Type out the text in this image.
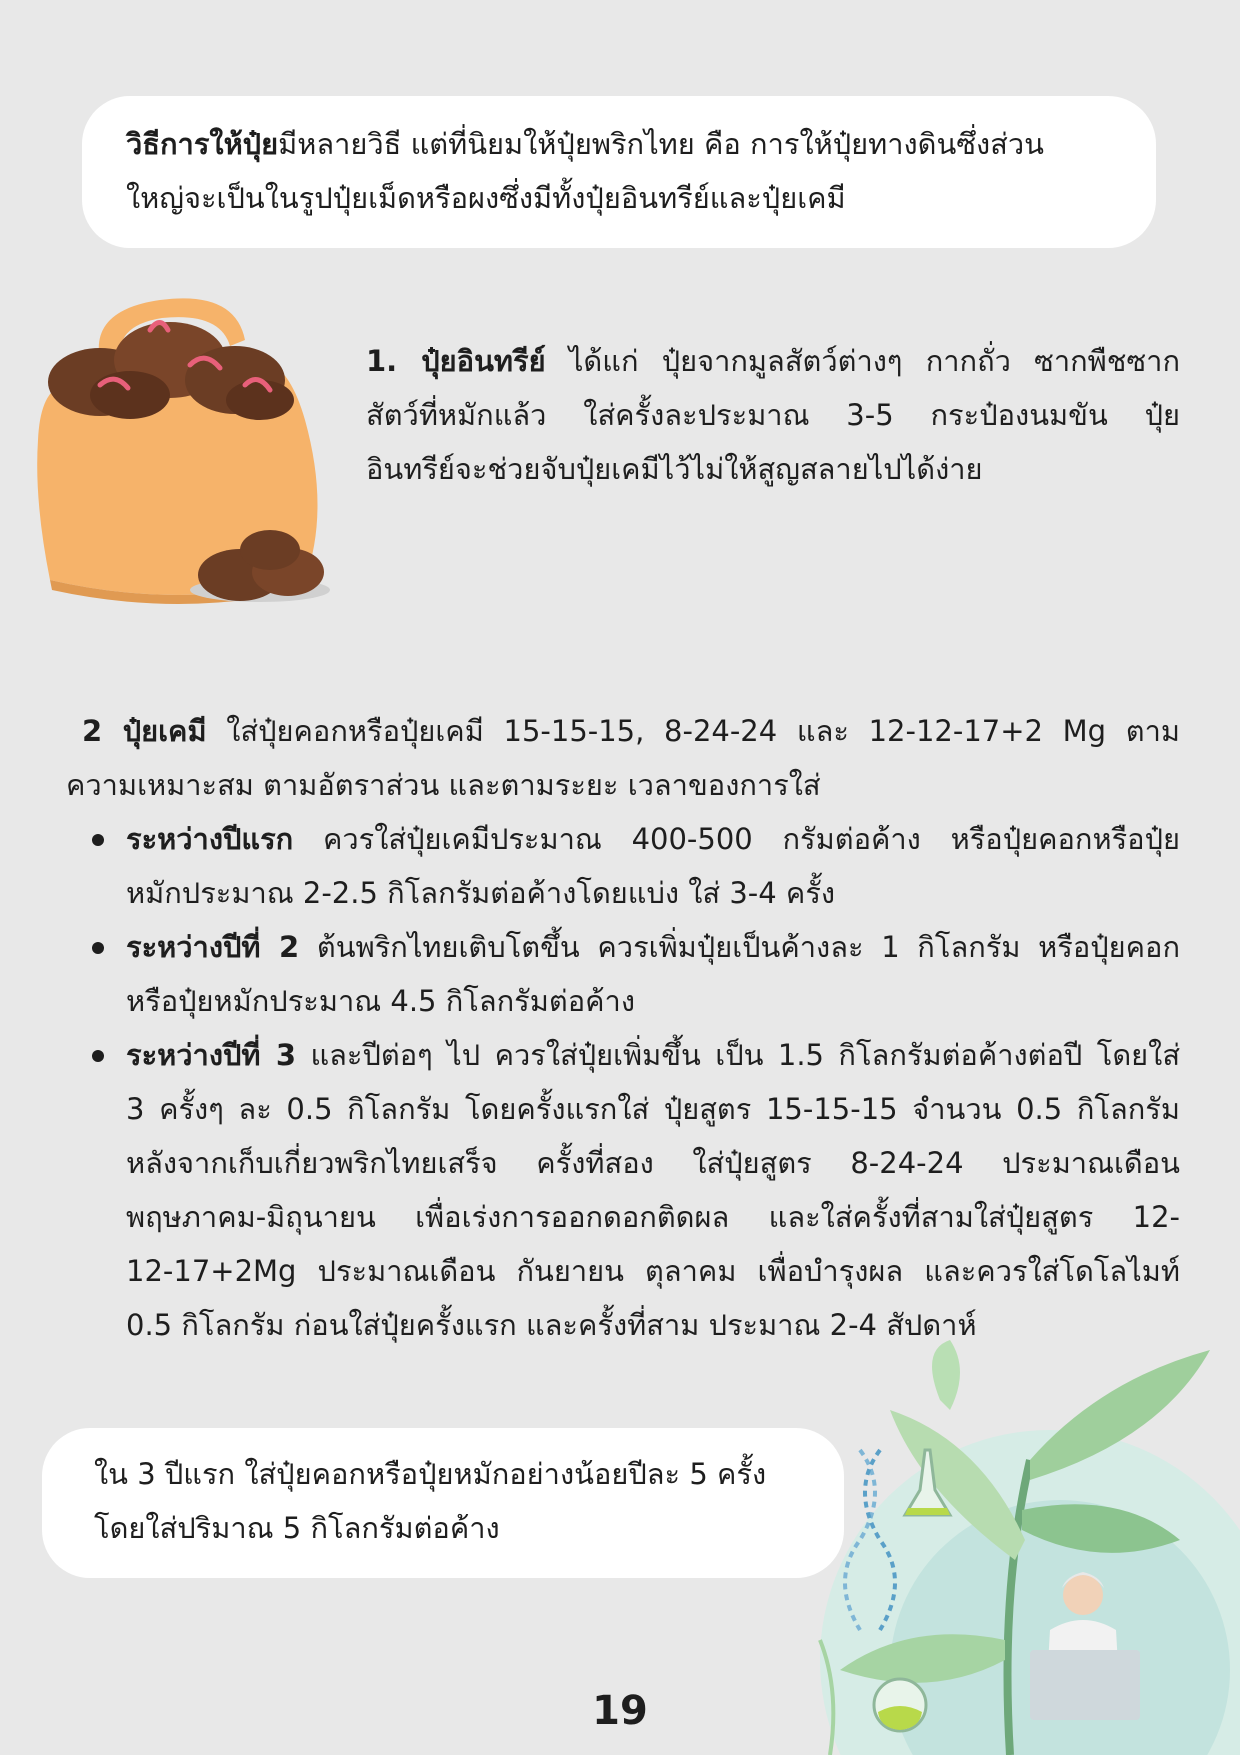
วิธีการให้ปุ๋ยมีหลายวิธี แต่ที่นิยมให้ปุ๋ยพริกไทย คือ การให้ปุ๋ยทางดินซึ่งส่วน
ใหญ่จะเป็นในรูปปุ๋ยเม็ดหรือผงซึ่งมีทั้งปุ๋ยอินทรีย์และปุ๋ยเคมี
1. ปุ๋ยอินทรีย์ ได้แก่ ปุ๋ยจากมูลสัตว์ต่างๆ กากถั่ว ซากพืชซาก
สัตว์ที่หมักแล้ว ใส่ครั้งละประมาณ 3-5 กระป๋องนมขัน ปุ๋ย
อินทรีย์จะช่วยจับปุ๋ยเคมีไว้ไม่ให้สูญสลายไปได้ง่าย
2 ปุ๋ยเคมี ใส่ปุ๋ยคอกหรือปุ๋ยเคมี 15-15-15, 8-24-24 และ 12-12-17+2 Mg ตาม
ความเหมาะสม ตามอัตราส่วน และตามระยะ เวลาของการใส่
ระหว่างปีแรก ควรใส่ปุ๋ยเคมีประมาณ 400-500 กรัมต่อค้าง หรือปุ๋ยคอกหรือปุ๋ย
หมักประมาณ 2-2.5 กิโลกรัมต่อค้างโดยแบ่ง ใส่ 3-4 ครั้ง
ระหว่างปีที่ 2 ต้นพริกไทยเติบโตขึ้น ควรเพิ่มปุ๋ยเป็นค้างละ 1 กิโลกรัม หรือปุ๋ยคอก
หรือปุ๋ยหมักประมาณ 4.5 กิโลกรัมต่อค้าง
ระหว่างปีที่ 3 และปีต่อๆ ไป ควรใส่ปุ๋ยเพิ่มขึ้น เป็น 1.5 กิโลกรัมต่อค้างต่อปี โดยใส่
3 ครั้งๆ ละ 0.5 กิโลกรัม โดยครั้งแรกใส่ ปุ๋ยสูตร 15-15-15 จำนวน 0.5 กิโลกรัม
หลังจากเก็บเกี่ยวพริกไทยเสร็จ ครั้งที่สอง ใส่ปุ๋ยสูตร 8-24-24 ประมาณเดือน
พฤษภาคม-มิถุนายน เพื่อเร่งการออกดอกติดผล และใส่ครั้งที่สามใส่ปุ๋ยสูตร 12-
12-17+2Mg ประมาณเดือน กันยายน ตุลาคม เพื่อบำรุงผล และควรใส่โดโลไมท์
0.5 กิโลกรัม ก่อนใส่ปุ๋ยครั้งแรก และครั้งที่สาม ประมาณ 2-4 สัปดาห์
ใน 3 ปีแรก ใส่ปุ๋ยคอกหรือปุ๋ยหมักอย่างน้อยปีละ 5 ครั้ง
โดยใส่ปริมาณ 5 กิโลกรัมต่อค้าง
19
